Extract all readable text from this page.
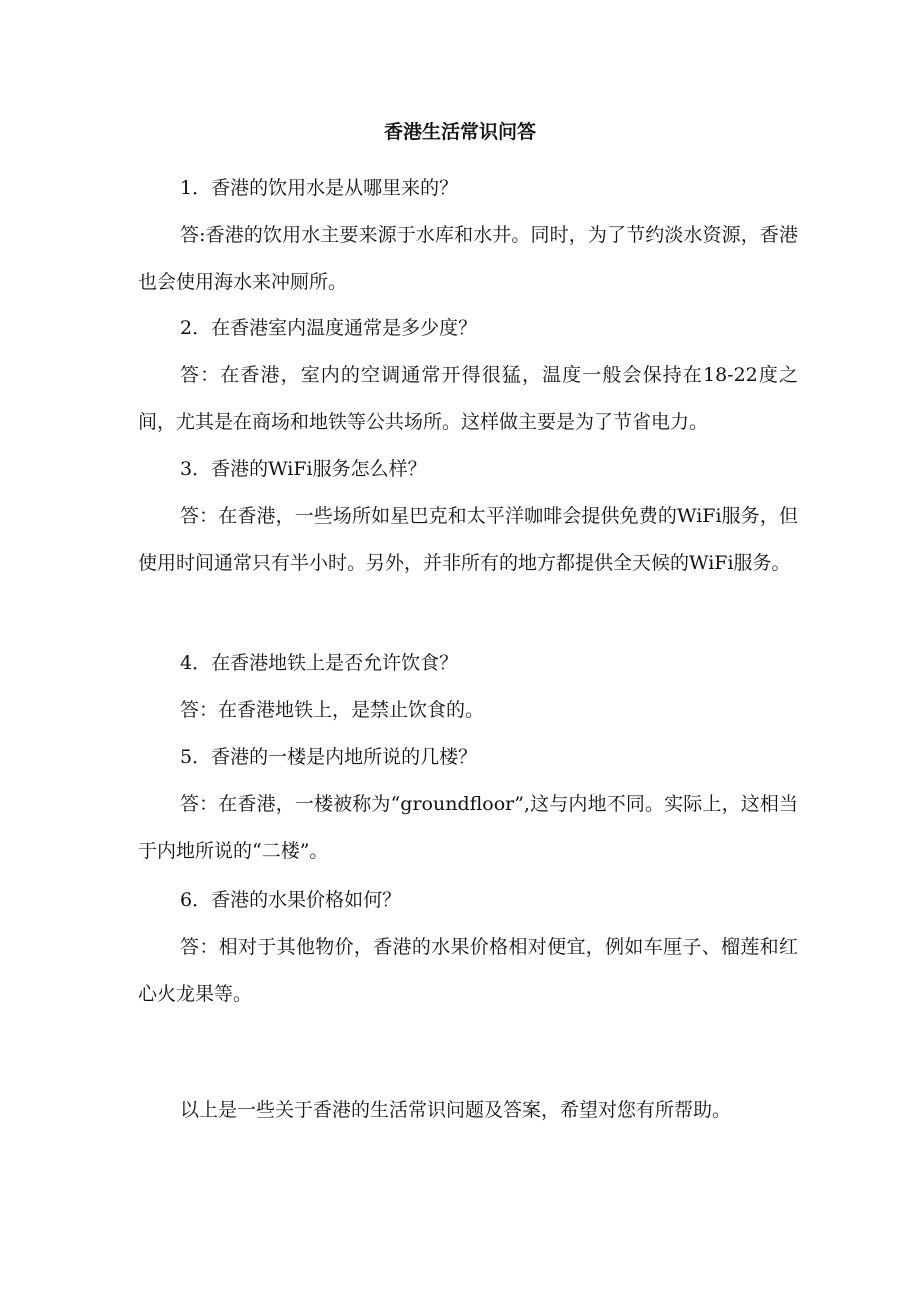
香港生活常识问答

1．香港的饮用水是从哪里来的？

答:香港的饮用水主要来源于水库和水井。同时，为了节约淡水资源，香港也会使用海水来冲厕所。

2．在香港室内温度通常是多少度？

答：在香港，室内的空调通常开得很猛，温度一般会保持在18-22度之间，尤其是在商场和地铁等公共场所。这样做主要是为了节省电力。

3．香港的WiFi服务怎么样？

答：在香港，一些场所如星巴克和太平洋咖啡会提供免费的WiFi服务，但使用时间通常只有半小时。另外，并非所有的地方都提供全天候的WiFi服务。

4．在香港地铁上是否允许饮食？

答：在香港地铁上，是禁止饮食的。

5．香港的一楼是内地所说的几楼？

答：在香港，一楼被称为“groundfloor”,这与内地不同。实际上，这相当于内地所说的“二楼”。

6．香港的水果价格如何？

答：相对于其他物价，香港的水果价格相对便宜，例如车厘子、榴莲和红心火龙果等。

以上是一些关于香港的生活常识问题及答案，希望对您有所帮助。
